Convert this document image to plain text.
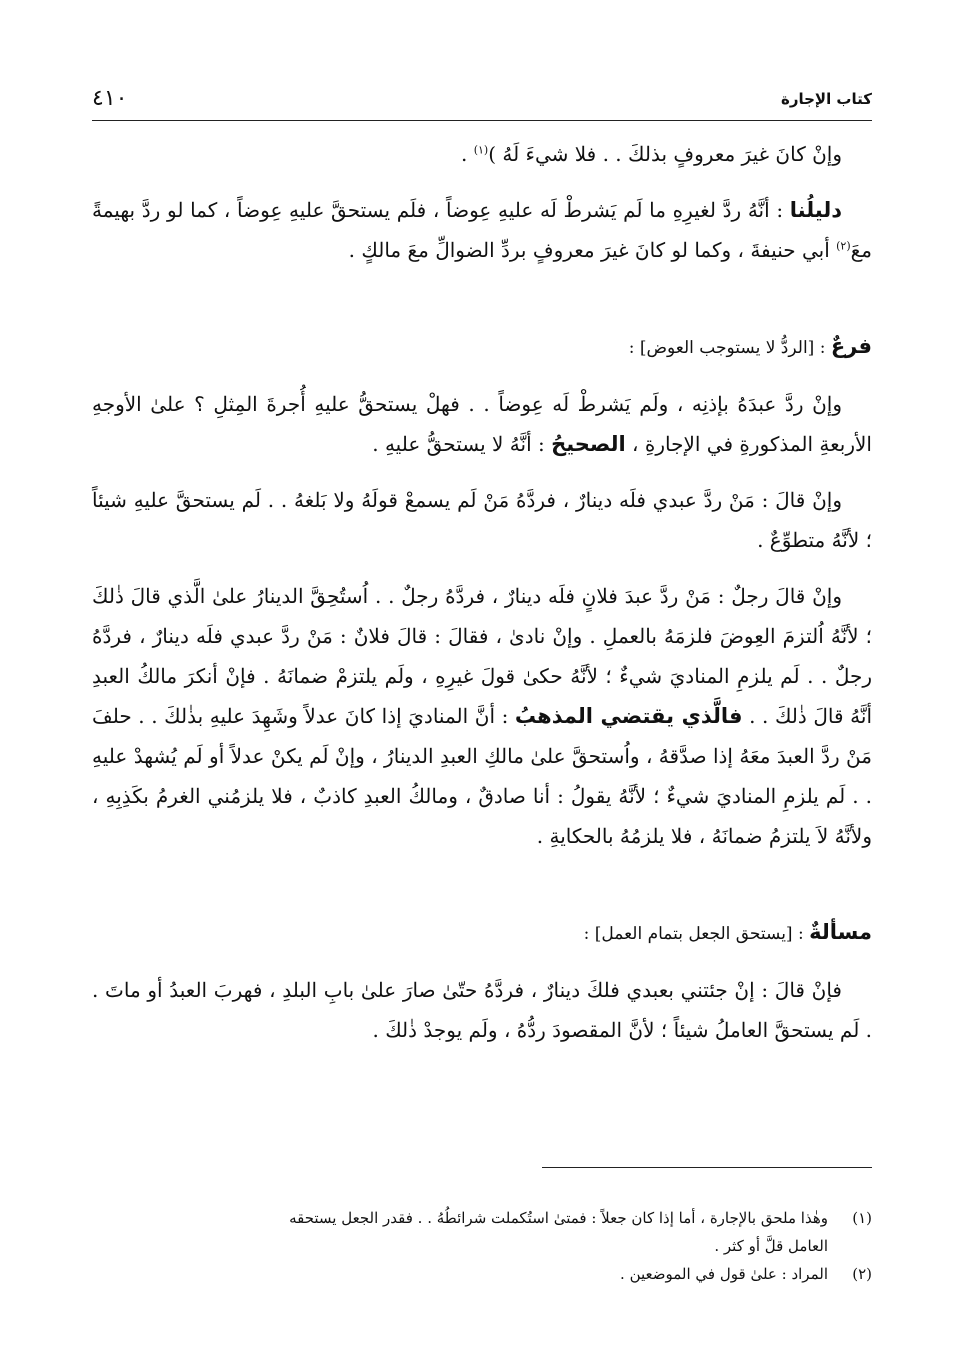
كتاب الإجارة
٤١٠

وإنْ كانَ غيرَ معروفٍ بذلكَ . . فلا شيءَ لَهُ )$^{(١)}$ .

دليلُنا : أنَّهُ ردَّ لغيرِهِ ما لَم يَشرطْ لَه عليهِ عِوضاً ، فلَم يستحقَّ عليهِ عِوضاً ، كما لو ردَّ بهيمةً معَ$^{(٢)}$ أبي حنيفةَ ، وكما لو كانَ غيرَ معروفٍ بردِّ الضوالِّ معَ مالكٍ .

فرعٌ : [الردُّ لا يستوجب العوض] :

وإنْ ردَّ عبدَهُ بإذنِه ، ولَم يَشرطْ لَه عِوضاً . . فهلْ يستحقُّ عليهِ أُجرةَ المِثلِ ؟ علىٰ الأوجهِ الأربعةِ المذكورةِ في الإجارةِ ، الصحيحُ : أنَّهُ لا يستحقُّ عليهِ .

وإنْ قالَ : مَنْ ردَّ عبدي فلَه دينارٌ ، فردَّهُ مَنْ لَم يسمعْ قولَهُ ولا بَلغهُ . . لَم يستحقَّ عليهِ شيئاً ؛ لأنَّهُ متطوِّعٌ .

وإنْ قالَ رجلٌ : مَنْ ردَّ عبدَ فلانٍ فلَه دينارٌ ، فردَّهُ رجلٌ . . اُستُحِقَّ الدينارُ علىٰ الَّذي قالَ ذٰلكَ ؛ لأنَّهُ اُلتزمَ العِوضَ فلزمَهُ بالعملِ . وإنْ نادىٰ ، فقالَ : قالَ فلانٌ : مَنْ ردَّ عبدي فلَه دينارٌ ، فردَّهُ رجلٌ . . لَم يلزمِ المناديَ شيءٌ ؛ لأنَّهُ حكىٰ قولَ غيرِهِ ، ولَم يلتزمْ ضمانَهُ . فإنْ أنكرَ مالكُ العبدِ أنَّهُ قالَ ذٰلكَ . . فالَّذي يقتضي المذهبُ : أنَّ المناديَ إذا كانَ عدلاً وشَهِدَ عليهِ بذٰلكَ . . حلفَ مَنْ ردَّ العبدَ معَهُ إذا صدَّقهُ ، واُستحقَّ علىٰ مالكِ العبدِ الدينارُ ، وإنْ لَم يكنْ عدلاً أو لَم يُشهدْ عليهِ . . لَم يلزمِ المناديَ شيءٌ ؛ لأنَّهُ يقولُ : أنا صادقٌ ، ومالكُ العبدِ كاذبٌ ، فلا يلزمُني الغرمُ بكَذِبِهِ ، ولأنَّهُ لاَ يلتزمُ ضمانَهُ ، فلا يلزمُهُ بالحكايةِ .

مسألةٌ : [يستحق الجعل بتمام العمل] :

فإنْ قالَ : إنْ جئتني بعبدي فلكَ دينارٌ ، فردَّهُ حتّىٰ صارَ علىٰ بابِ البلدِ ، فهربَ العبدُ أو ماتَ . . لَم يستحقَّ العاملُ شيئاً ؛ لأنَّ المقصودَ ردُّهُ ، ولَم يوجدْ ذٰلكَ .

(١)وهٰذا ملحق بالإجارة ، أما إذا كان جعلاً : فمتىٰ استُكملت شرائطُهُ . . فقدر الجعل يستحقه

العامل قلَّ أو كثر .

(٢)المراد : علىٰ قول في الموضعين .
